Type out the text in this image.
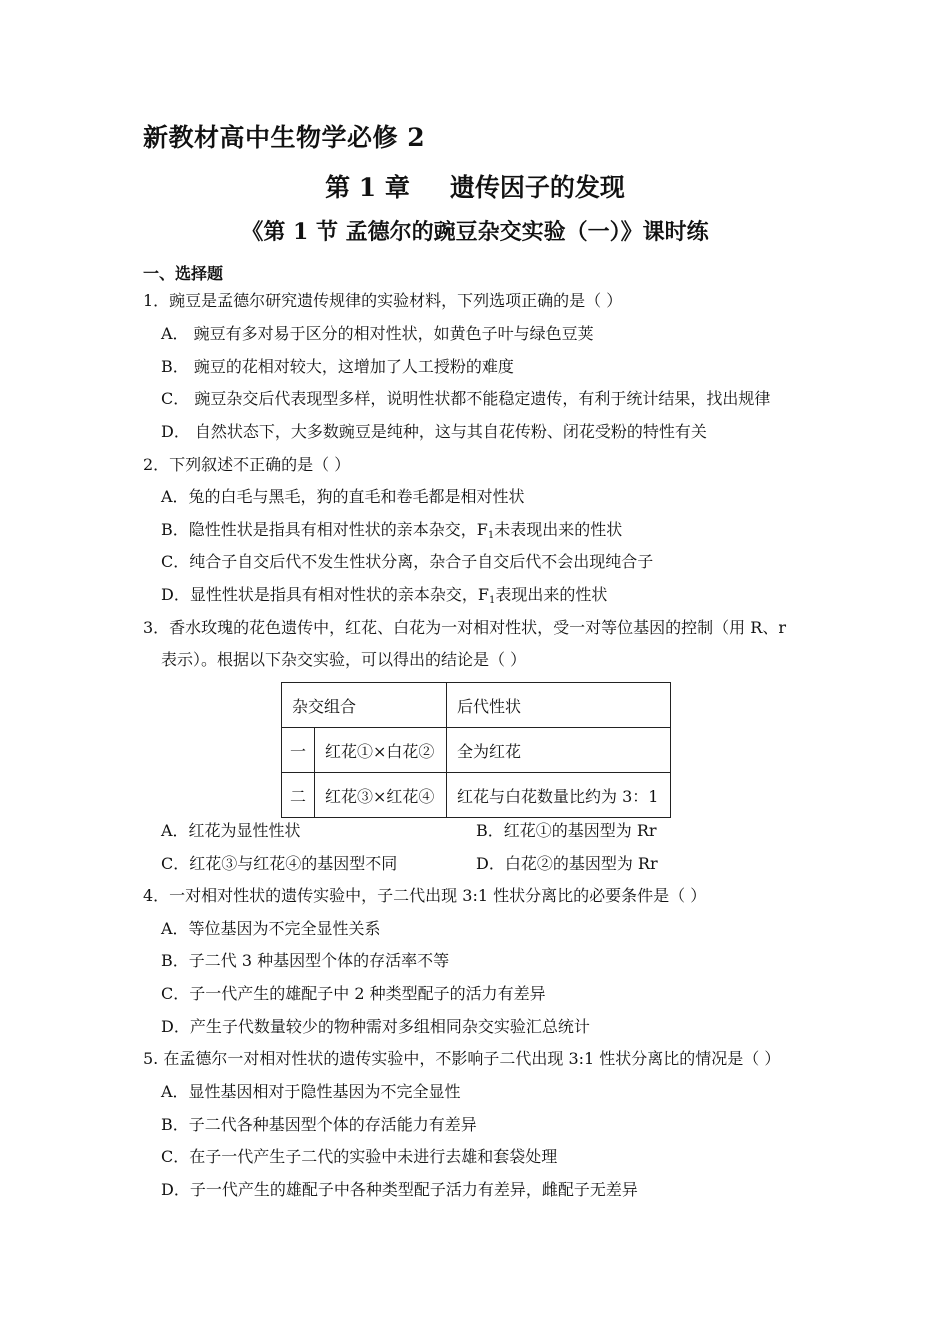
新教材高中生物学必修 2
第 1 章 遗传因子的发现
《第 1 节 孟德尔的豌豆杂交实验（一）》课时练
一、选择题
1．豌豆是孟德尔研究遗传规律的实验材料，下列选项正确的是（ ）
A． 豌豆有多对易于区分的相对性状，如黄色子叶与绿色豆荚
B． 豌豆的花相对较大，这增加了人工授粉的难度
C． 豌豆杂交后代表现型多样，说明性状都不能稳定遗传，有利于统计结果，找出规律
D． 自然状态下，大多数豌豆是纯种，这与其自花传粉、闭花受粉的特性有关
2．下列叙述不正确的是（ ）
A．兔的白毛与黑毛，狗的直毛和卷毛都是相对性状
B．隐性性状是指具有相对性状的亲本杂交，$F_1$未表现出来的性状
C．纯合子自交后代不发生性状分离，杂合子自交后代不会出现纯合子
D．显性性状是指具有相对性状的亲本杂交，$F_1$表现出来的性状
3．香水玫瑰的花色遗传中，红花、白花为一对相对性状，受一对等位基因的控制（用 R、r
表示）。根据以下杂交实验，可以得出的结论是（ ）
杂交组合		后代性状
一	红花①×白花②	全为红花
二	红花③×红花④	红花与白花数量比约为 3：1
A．红花为显性性状	B．红花①的基因型为 Rr
C．红花③与红花④的基因型不同	D．白花②的基因型为 Rr
4．一对相对性状的遗传实验中，子二代出现 3:1 性状分离比的必要条件是（ ）
A．等位基因为不完全显性关系
B．子二代 3 种基因型个体的存活率不等
C．子一代产生的雄配子中 2 种类型配子的活力有差异
D．产生子代数量较少的物种需对多组相同杂交实验汇总统计
5. 在孟德尔一对相对性状的遗传实验中，不影响子二代出现 3:1 性状分离比的情况是（ ）
A．显性基因相对于隐性基因为不完全显性
B．子二代各种基因型个体的存活能力有差异
C．在子一代产生子二代的实验中未进行去雄和套袋处理
D．子一代产生的雄配子中各种类型配子活力有差异，雌配子无差异
